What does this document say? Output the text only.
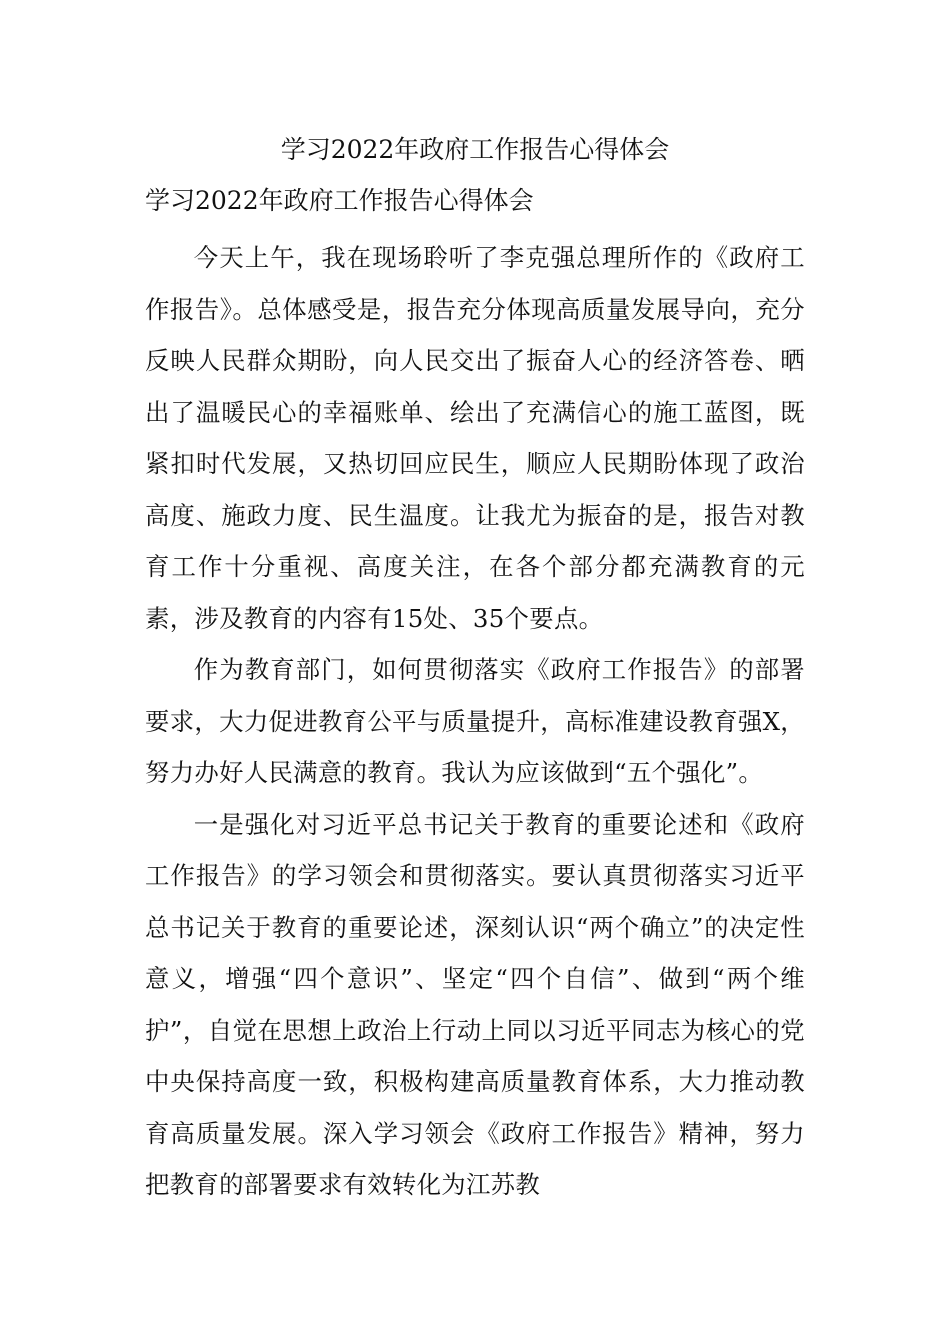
学习2022年政府工作报告心得体会
学习2022年政府工作报告心得体会

今天上午，我在现场聆听了李克强总理所作的《政府工作报告》。总体感受是，报告充分体现高质量发展导向，充分反映人民群众期盼，向人民交出了振奋人心的经济答卷、晒出了温暖民心的幸福账单、绘出了充满信心的施工蓝图，既紧扣时代发展，又热切回应民生，顺应人民期盼体现了政治高度、施政力度、民生温度。让我尤为振奋的是，报告对教育工作十分重视、高度关注，在各个部分都充满教育的元素，涉及教育的内容有15处、35个要点。

作为教育部门，如何贯彻落实《政府工作报告》的部署要求，大力促进教育公平与质量提升，高标准建设教育强X，努力办好人民满意的教育。我认为应该做到“五个强化”。

一是强化对习近平总书记关于教育的重要论述和《政府工作报告》的学习领会和贯彻落实。要认真贯彻落实习近平总书记关于教育的重要论述，深刻认识“两个确立”的决定性意义，增强“四个意识”、坚定“四个自信”、做到“两个维护”，自觉在思想上政治上行动上同以习近平同志为核心的党中央保持高度一致，积极构建高质量教育体系，大力推动教育高质量发展。深入学习领会《政府工作报告》精神，努力把教育的部署要求有效转化为江苏教
